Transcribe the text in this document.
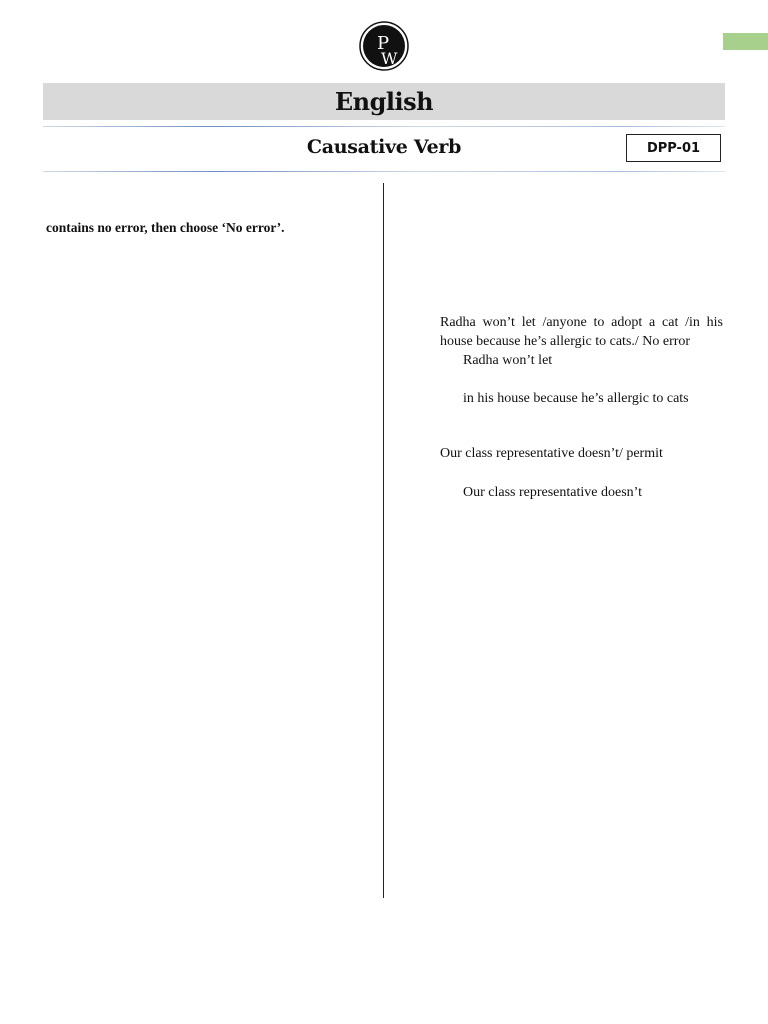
P
W
English
Causative Verb	DPP-01
contains no error, then choose ‘No error’.
Radha won’t let /anyone to adopt a cat /in his
house because he’s allergic to cats./ No error
Radha won’t let
in his house because he’s allergic to cats
Our class representative doesn’t/ permit
Our class representative doesn’t
